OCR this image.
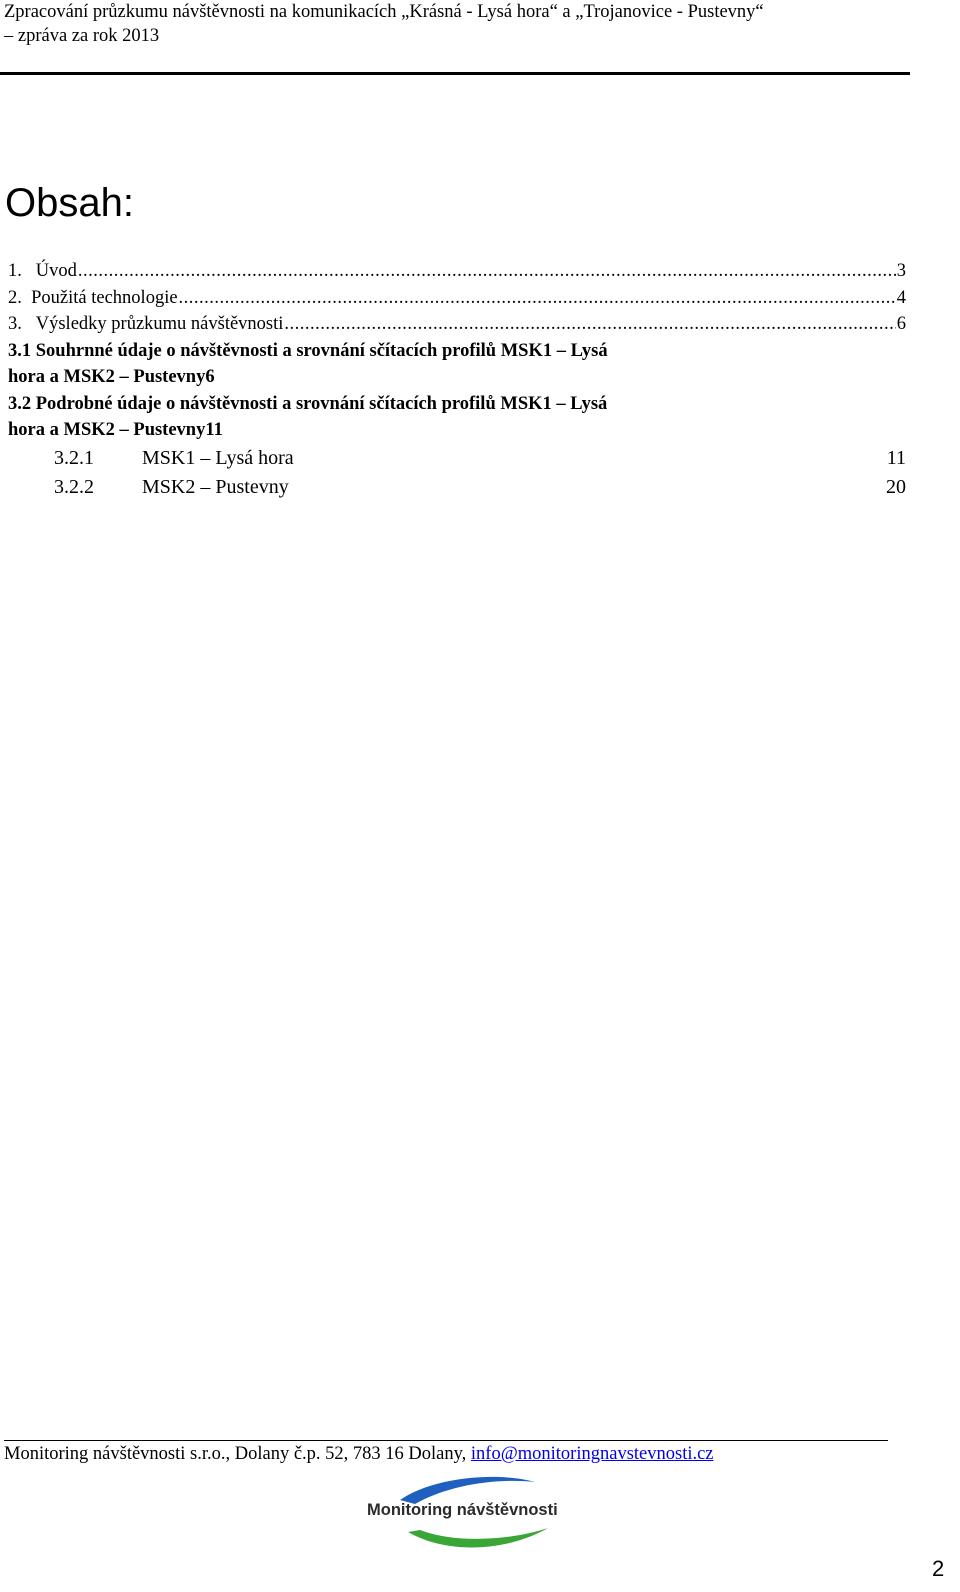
Zpracování průzkumu návštěvnosti na komunikacích „Krásná - Lysá hora“ a „Trojanovice - Pustevny“
– zpráva za rok 2013
Obsah:
1. Úvod .....	3
2. Použitá technologie .....	4
3. Výsledky průzkumu návštěvnosti .....	6
3.1 Souhrnné údaje o návštěvnosti a srovnání sčítacích profilů MSK1 – Lysá
hora a MSK2 – Pustevny 6
3.2 Podrobné údaje o návštěvnosti a srovnání sčítacích profilů MSK1 – Lysá
hora a MSK2 – Pustevny 11
3.2.1	MSK1 – Lysá hora	11
3.2.2	MSK2 – Pustevny	20
Monitoring návštěvnosti s.r.o., Dolany č.p. 52, 783 16 Dolany, info@monitoringnavstevnosti.cz
Monitoring návštěvnosti
2
